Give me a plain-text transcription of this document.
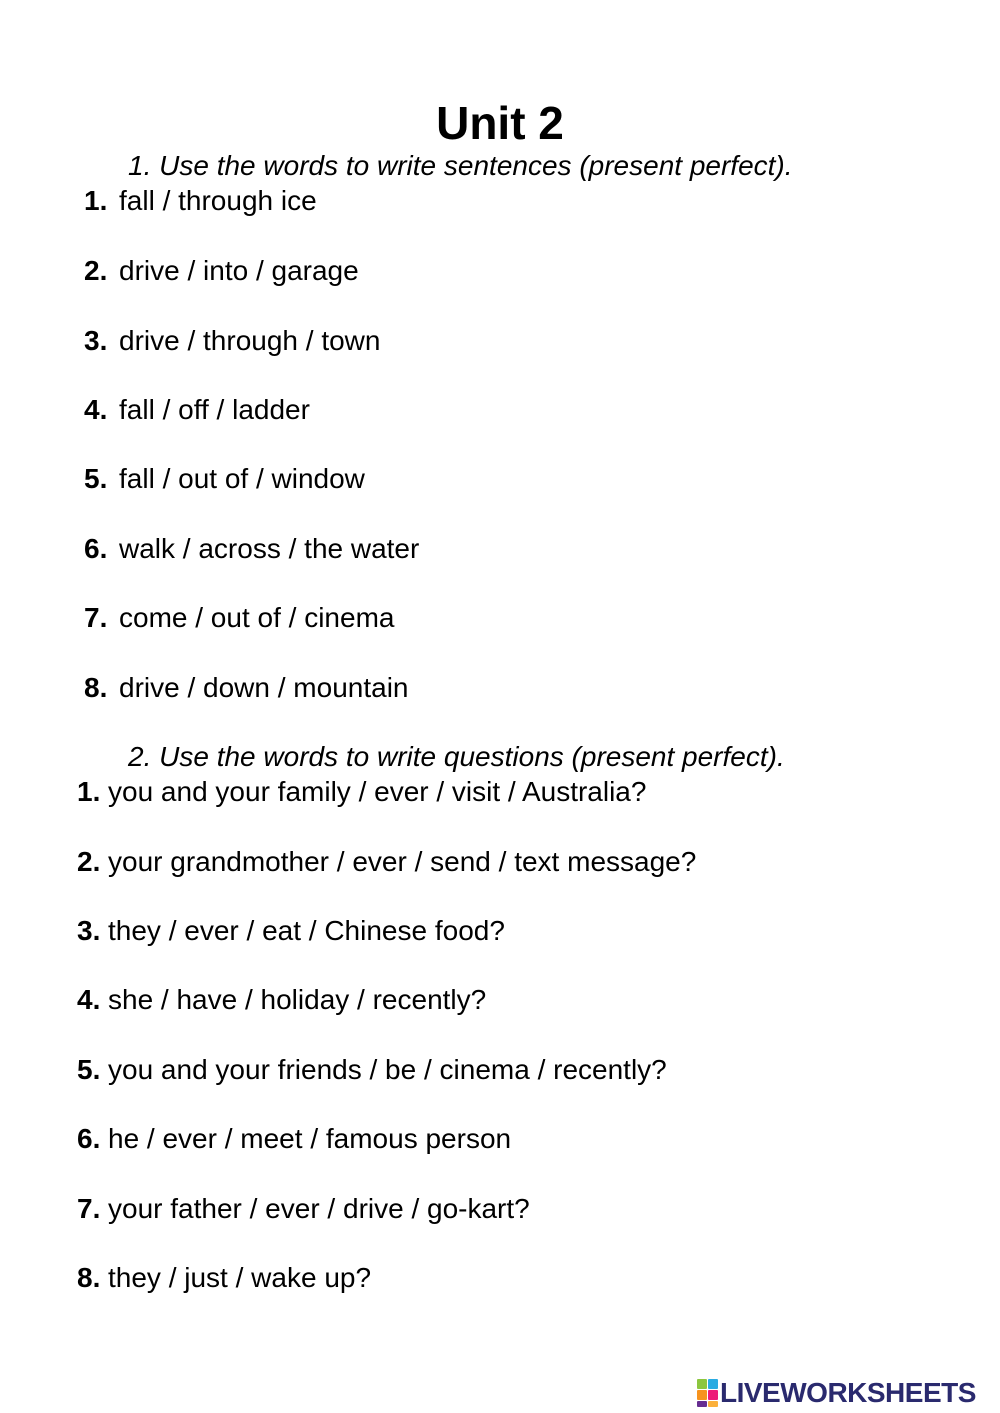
Unit 2
1. Use the words to write sentences (present perfect).
1. fall / through ice
2. drive / into / garage
3. drive / through / town
4. fall / off / ladder
5. fall / out of / window
6. walk / across / the water
7. come / out of / cinema
8. drive / down / mountain
2. Use the words to write questions (present perfect).
1. you and your family / ever / visit / Australia?
2. your grandmother / ever / send / text message?
3. they / ever / eat / Chinese food?
4. she / have / holiday / recently?
5. you and your friends / be / cinema / recently?
6. he / ever / meet / famous person
7. your father / ever / drive / go-kart?
8. they / just / wake up?
LIVEWORKSHEETS
